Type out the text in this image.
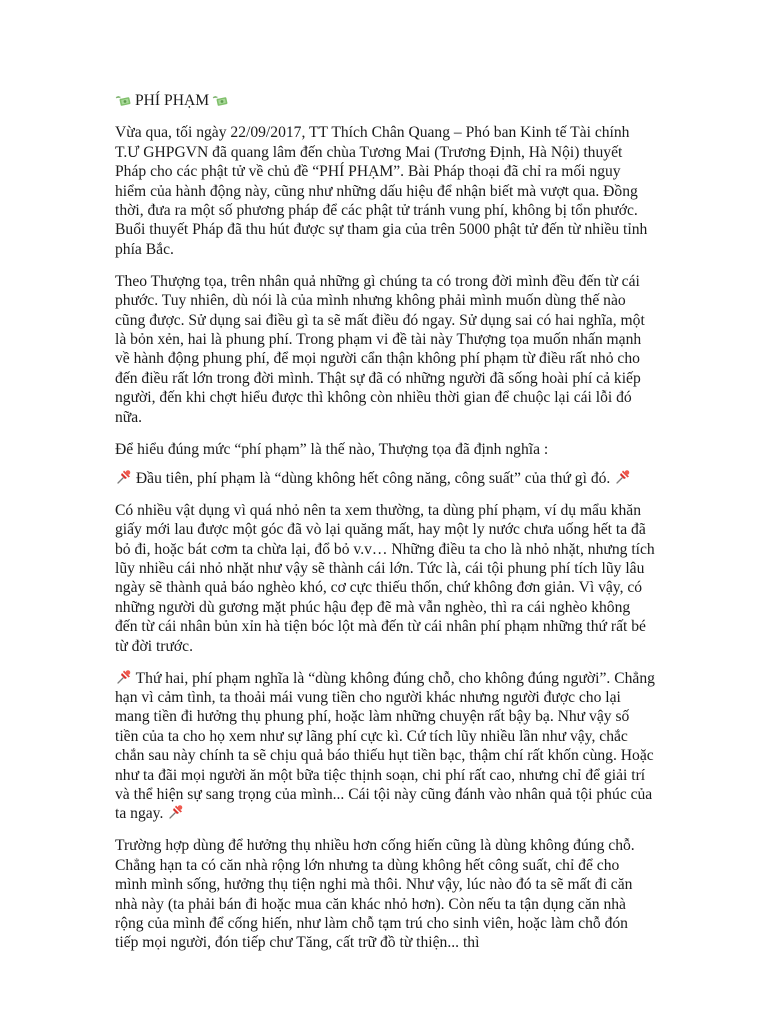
PHÍ PHẠM

Vừa qua, tối ngày 22/09/2017, TT Thích Chân Quang – Phó ban Kinh tế Tài chính T.Ư GHPGVN đã quang lâm đến chùa Tương Mai (Trương Định, Hà Nội) thuyết Pháp cho các phật tử về chủ đề “PHÍ PHẠM”. Bài Pháp thoại đã chỉ ra mối nguy hiểm của hành động này, cũng như những dấu hiệu để nhận biết mà vượt qua. Đồng thời, đưa ra một số phương pháp để các phật tử tránh vung phí, không bị tổn phước. Buổi thuyết Pháp đã thu hút được sự tham gia của trên 5000 phật tử đến từ nhiều tỉnh phía Bắc.

Theo Thượng tọa, trên nhân quả những gì chúng ta có trong đời mình đều đến từ cái phước. Tuy nhiên, dù nói là của mình nhưng không phải mình muốn dùng thế nào cũng được. Sử dụng sai điều gì ta sẽ mất điều đó ngay. Sử dụng sai có hai nghĩa, một là bỏn xẻn, hai là phung phí. Trong phạm vi đề tài này Thượng tọa muốn nhấn mạnh về hành động phung phí, để mọi người cẩn thận không phí phạm từ điều rất nhỏ cho đến điều rất lớn trong đời mình. Thật sự đã có những người đã sống hoài phí cả kiếp người, đến khi chợt hiểu được thì không còn nhiều thời gian để chuộc lại cái lỗi đó nữa.

Để hiểu đúng mức “phí phạm” là thế nào, Thượng tọa đã định nghĩa :

Đầu tiên, phí phạm là “dùng không hết công năng, công suất” của thứ gì đó.

Có nhiều vật dụng vì quá nhỏ nên ta xem thường, ta dùng phí phạm, ví dụ mẩu khăn giấy mới lau được một góc đã vò lại quăng mất, hay một ly nước chưa uống hết ta đã bỏ đi, hoặc bát cơm ta chừa lại, đổ bỏ v.v… Những điều ta cho là nhỏ nhặt, nhưng tích lũy nhiều cái nhỏ nhặt như vậy sẽ thành cái lớn. Tức là, cái tội phung phí tích lũy lâu ngày sẽ thành quả báo nghèo khó, cơ cực thiếu thốn, chứ không đơn giản. Vì vậy, có những người dù gương mặt phúc hậu đẹp đẽ mà vẫn nghèo, thì ra cái nghèo không đến từ cái nhân bủn xỉn hà tiện bóc lột mà đến từ cái nhân phí phạm những thứ rất bé từ đời trước.

Thứ hai, phí phạm nghĩa là “dùng không đúng chỗ, cho không đúng người”. Chẳng hạn vì cảm tình, ta thoải mái vung tiền cho người khác nhưng người được cho lại mang tiền đi hưởng thụ phung phí, hoặc làm những chuyện rất bậy bạ. Như vậy số tiền của ta cho họ xem như sự lãng phí cực kì. Cứ tích lũy nhiều lần như vậy, chắc chắn sau này chính ta sẽ chịu quả báo thiếu hụt tiền bạc, thậm chí rất khốn cùng. Hoặc như ta đãi mọi người ăn một bữa tiệc thịnh soạn, chi phí rất cao, nhưng chỉ để giải trí và thể hiện sự sang trọng của mình... Cái tội này cũng đánh vào nhân quả tội phúc của ta ngay.

Trường hợp dùng để hưởng thụ nhiều hơn cống hiến cũng là dùng không đúng chỗ. Chẳng hạn ta có căn nhà rộng lớn nhưng ta dùng không hết công suất, chỉ để cho mình mình sống, hưởng thụ tiện nghi mà thôi. Như vậy, lúc nào đó ta sẽ mất đi căn nhà này (ta phải bán đi hoặc mua căn khác nhỏ hơn). Còn nếu ta tận dụng căn nhà rộng của mình để cống hiến, như làm chỗ tạm trú cho sinh viên, hoặc làm chỗ đón tiếp mọi người, đón tiếp chư Tăng, cất trữ đồ từ thiện... thì
